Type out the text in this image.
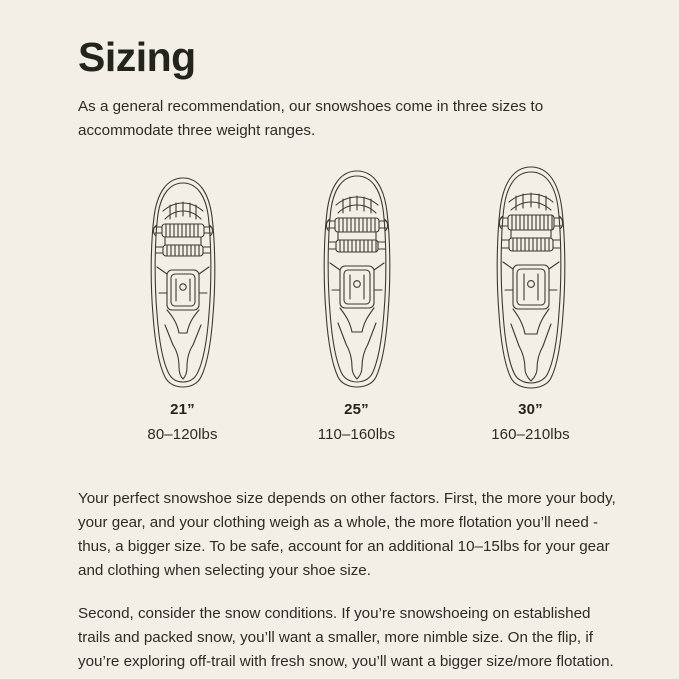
Sizing

As a general recommendation, our snowshoes come in three sizes to accommodate three weight ranges.

21”
80–120lbs
25”
110–160lbs
30”
160–210lbs

Your perfect snowshoe size depends on other factors. First, the more your body, your gear, and your clothing weigh as a whole, the more flotation you’ll need - thus, a bigger size. To be safe, account for an additional 10–15lbs for your gear and clothing when selecting your shoe size.

Second, consider the snow conditions. If you’re snowshoeing on established trails and packed snow, you’ll want a smaller, more nimble size. On the flip, if you’re exploring off-trail with fresh snow, you’ll want a bigger size/more flotation.
